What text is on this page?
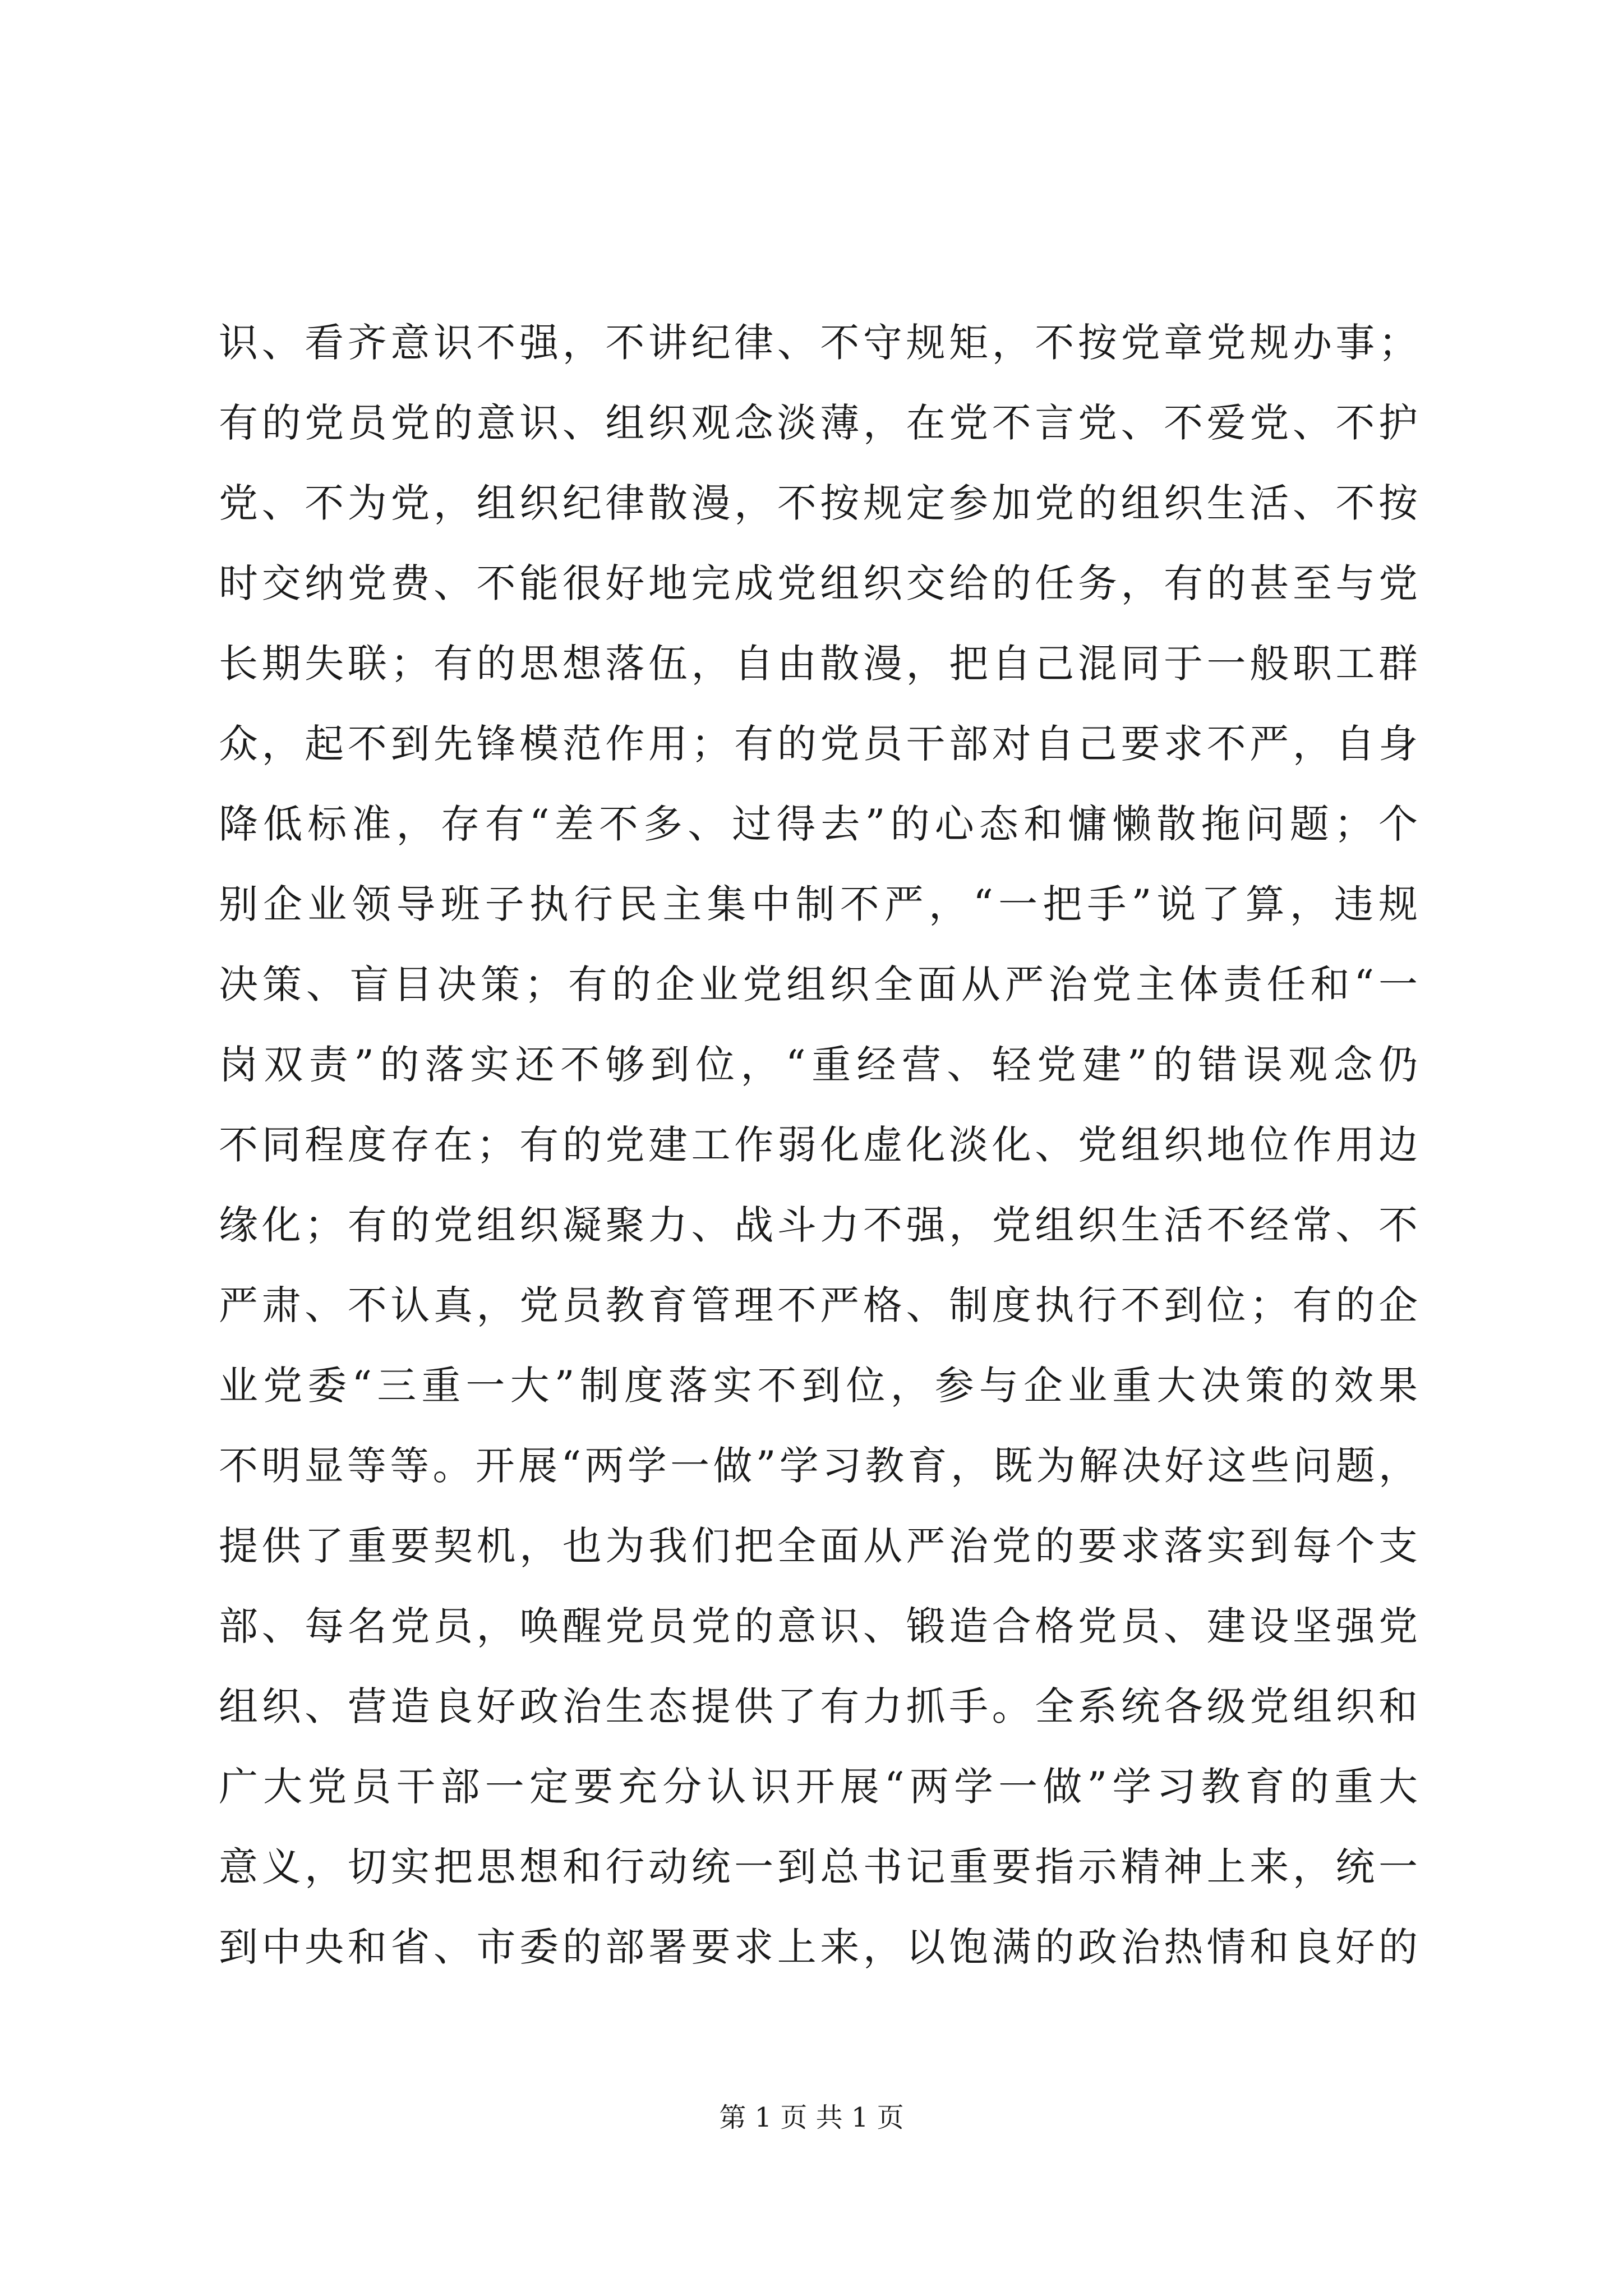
识、看齐意识不强，不讲纪律、不守规矩，不按党章党规办事；
有的党员党的意识、组织观念淡薄，在党不言党、不爱党、不护
党、不为党，组织纪律散漫，不按规定参加党的组织生活、不按
时交纳党费、不能很好地完成党组织交给的任务，有的甚至与党
长期失联；有的思想落伍，自由散漫，把自己混同于一般职工群
众，起不到先锋模范作用；有的党员干部对自己要求不严，自身
降低标准，存有“差不多、过得去”的心态和慵懒散拖问题；个
别企业领导班子执行民主集中制不严，“一把手”说了算，违规
决策、盲目决策；有的企业党组织全面从严治党主体责任和“一
岗双责”的落实还不够到位，“重经营、轻党建”的错误观念仍
不同程度存在；有的党建工作弱化虚化淡化、党组织地位作用边
缘化；有的党组织凝聚力、战斗力不强，党组织生活不经常、不
严肃、不认真，党员教育管理不严格、制度执行不到位；有的企
业党委“三重一大”制度落实不到位，参与企业重大决策的效果
不明显等等。开展“两学一做”学习教育，既为解决好这些问题，
提供了重要契机，也为我们把全面从严治党的要求落实到每个支
部、每名党员，唤醒党员党的意识、锻造合格党员、建设坚强党
组织、营造良好政治生态提供了有力抓手。全系统各级党组织和
广大党员干部一定要充分认识开展“两学一做”学习教育的重大
意义，切实把思想和行动统一到总书记重要指示精神上来，统一
到中央和省、市委的部署要求上来，以饱满的政治热情和良好的
第 1 页 共 1 页
